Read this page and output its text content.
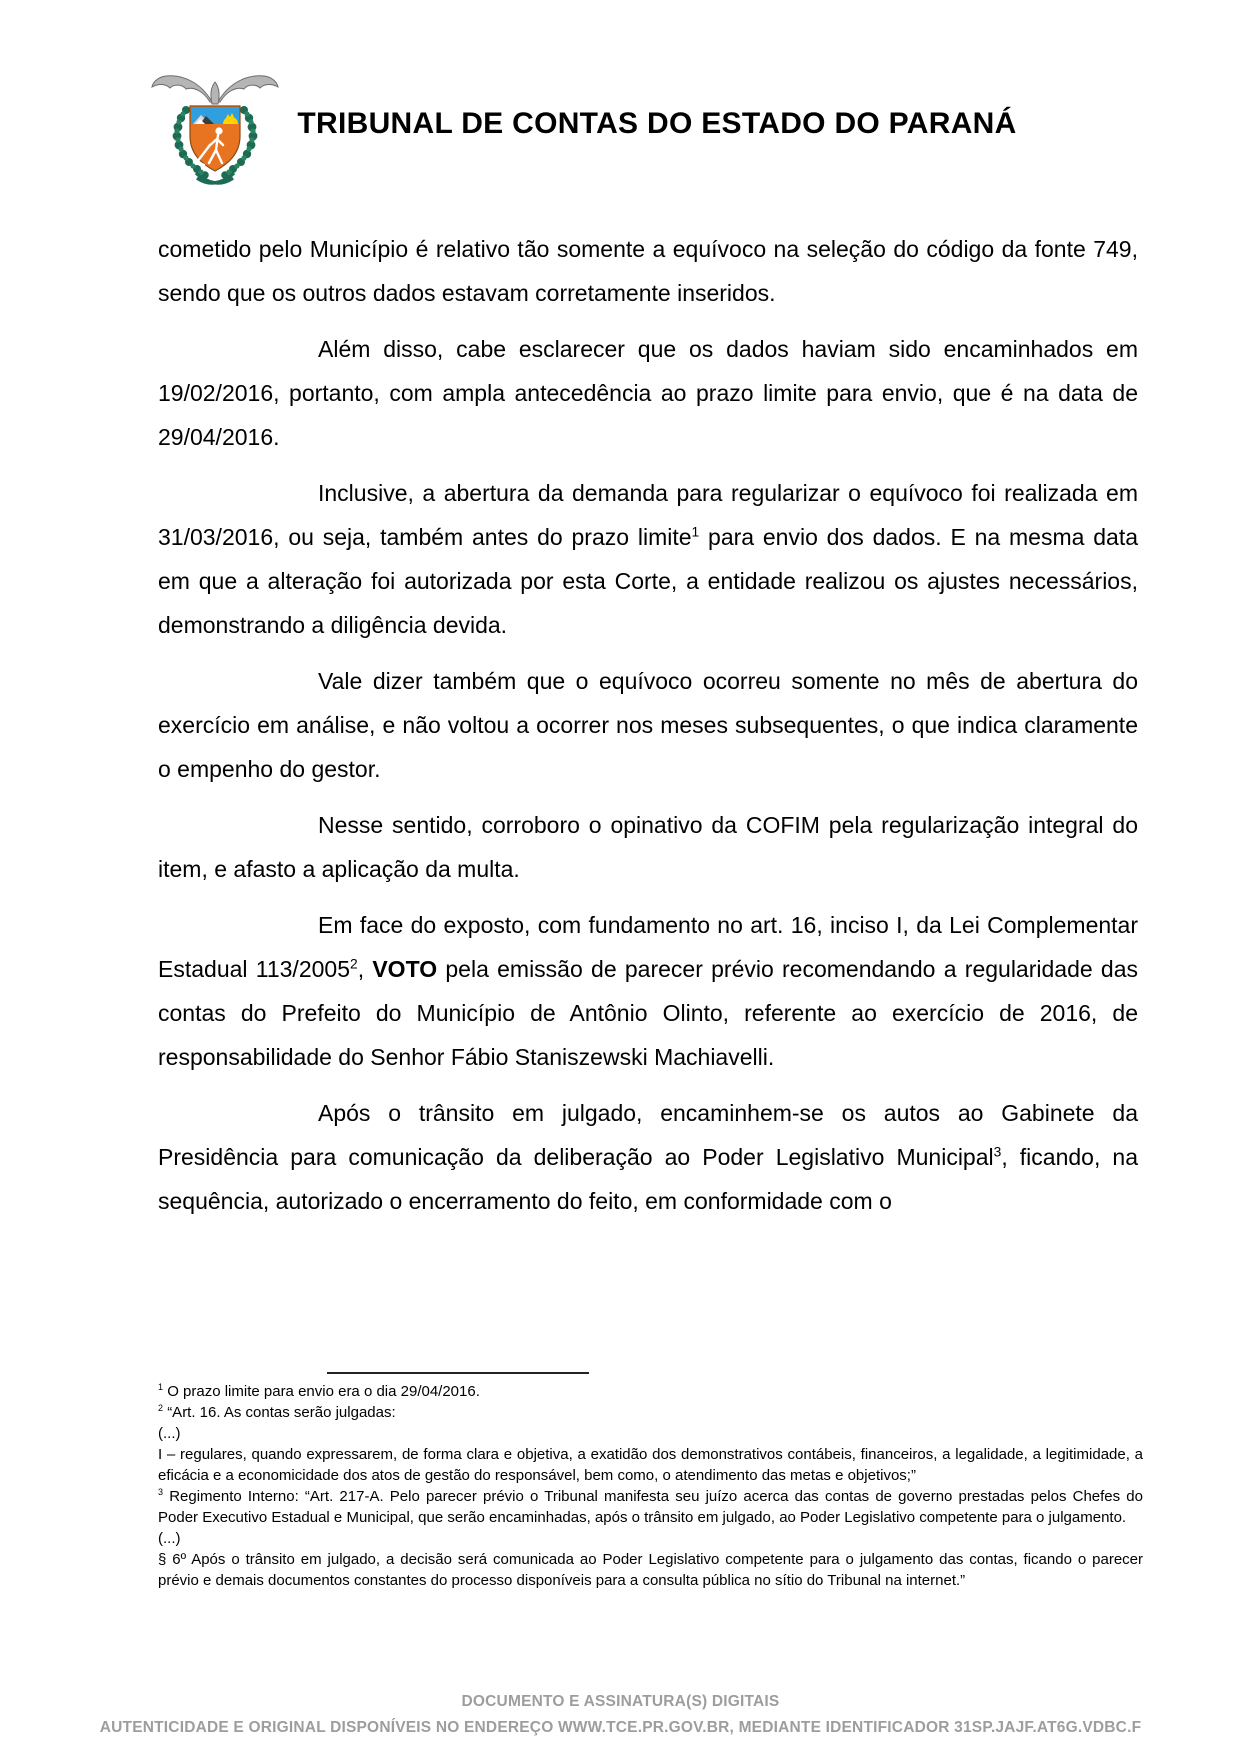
TRIBUNAL DE CONTAS DO ESTADO DO PARANÁ

cometido pelo Município é relativo tão somente a equívoco na seleção do código da fonte 749, sendo que os outros dados estavam corretamente inseridos.

Além disso, cabe esclarecer que os dados haviam sido encaminhados em 19/02/2016, portanto, com ampla antecedência ao prazo limite para envio, que é na data de 29/04/2016.

Inclusive, a abertura da demanda para regularizar o equívoco foi realizada em 31/03/2016, ou seja, também antes do prazo limite$^1$ para envio dos dados. E na mesma data em que a alteração foi autorizada por esta Corte, a entidade realizou os ajustes necessários, demonstrando a diligência devida.

Vale dizer também que o equívoco ocorreu somente no mês de abertura do exercício em análise, e não voltou a ocorrer nos meses subsequentes, o que indica claramente o empenho do gestor.

Nesse sentido, corroboro o opinativo da COFIM pela regularização integral do item, e afasto a aplicação da multa.

Em face do exposto, com fundamento no art. 16, inciso I, da Lei Complementar Estadual 113/2005$^2$, VOTO pela emissão de parecer prévio recomendando a regularidade das contas do Prefeito do Município de Antônio Olinto, referente ao exercício de 2016, de responsabilidade do Senhor Fábio Staniszewski Machiavelli.

Após o trânsito em julgado, encaminhem-se os autos ao Gabinete da Presidência para comunicação da deliberação ao Poder Legislativo Municipal$^3$, ficando, na sequência, autorizado o encerramento do feito, em conformidade com o

$^1$ O prazo limite para envio era o dia 29/04/2016.
$^2$ “Art. 16. As contas serão julgadas:
(...)
I – regulares, quando expressarem, de forma clara e objetiva, a exatidão dos demonstrativos contábeis, financeiros, a legalidade, a legitimidade, a eficácia e a economicidade dos atos de gestão do responsável, bem como, o atendimento das metas e objetivos;”
$^3$ Regimento Interno: “Art. 217-A. Pelo parecer prévio o Tribunal manifesta seu juízo acerca das contas de governo prestadas pelos Chefes do Poder Executivo Estadual e Municipal, que serão encaminhadas, após o trânsito em julgado, ao Poder Legislativo competente para o julgamento.
(...)
§ 6º Após o trânsito em julgado, a decisão será comunicada ao Poder Legislativo competente para o julgamento das contas, ficando o parecer prévio e demais documentos constantes do processo disponíveis para a consulta pública no sítio do Tribunal na internet.”
DOCUMENTO E ASSINATURA(S) DIGITAIS
AUTENTICIDADE E ORIGINAL DISPONÍVEIS NO ENDEREÇO WWW.TCE.PR.GOV.BR, MEDIANTE IDENTIFICADOR 31SP.JAJF.AT6G.VDBC.F
